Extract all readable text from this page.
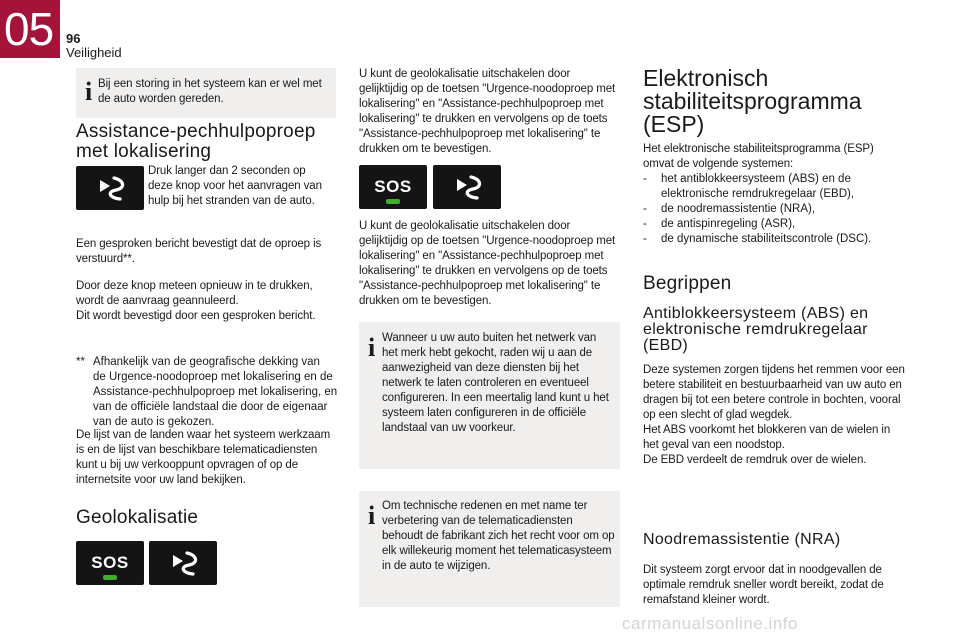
05 96
Veiligheid
i Bij een storing in het systeem kan er wel met
de auto worden gereden.
Assistance-pechhulpoproep
met lokalisering
Druk langer dan 2 seconden op
deze knop voor het aanvragen van
hulp bij het stranden van de auto.
Een gesproken bericht bevestigt dat de oproep is
verstuurd**.
Door deze knop meteen opnieuw in te drukken,
wordt de aanvraag geannuleerd.
Dit wordt bevestigd door een gesproken bericht.
** Afhankelijk van de geografische dekking van
de Urgence-noodoproep met lokalisering en de
Assistance-pechhulpoproep met lokalisering, en
van de officiële landstaal die door de eigenaar
van de auto is gekozen.
De lijst van de landen waar het systeem werkzaam
is en de lijst van beschikbare telematicadiensten
kunt u bij uw verkooppunt opvragen of op de
internetsite voor uw land bekijken.
Geolokalisatie
SOS
U kunt de geolokalisatie uitschakelen door
gelijktijdig op de toetsen "Urgence-noodoproep met
lokalisering" en "Assistance-pechhulpoproep met
lokalisering" te drukken en vervolgens op de toets
"Assistance-pechhulpoproep met lokalisering" te
drukken om te bevestigen.
SOS
U kunt de geolokalisatie uitschakelen door
gelijktijdig op de toetsen "Urgence-noodoproep met
lokalisering" en "Assistance-pechhulpoproep met
lokalisering" te drukken en vervolgens op de toets
"Assistance-pechhulpoproep met lokalisering" te
drukken om te bevestigen.
i Wanneer u uw auto buiten het netwerk van
het merk hebt gekocht, raden wij u aan de
aanwezigheid van deze diensten bij het
netwerk te laten controleren en eventueel
configureren. In een meertalig land kunt u het
systeem laten configureren in de officiële
landstaal van uw voorkeur.
i Om technische redenen en met name ter
verbetering van de telematicadiensten
behoudt de fabrikant zich het recht voor om op
elk willekeurig moment het telematicasysteem
in de auto te wijzigen.
Elektronisch
stabiliteitsprogramma
(ESP)
Het elektronische stabiliteitsprogramma (ESP)
omvat de volgende systemen:
- het antiblokkeersysteem (ABS) en de
elektronische remdrukregelaar (EBD),
- de noodremassistentie (NRA),
- de antispinregeling (ASR),
- de dynamische stabiliteitscontrole (DSC).
Begrippen
Antiblokkeersysteem (ABS) en
elektronische remdrukregelaar
(EBD)
Deze systemen zorgen tijdens het remmen voor een
betere stabiliteit en bestuurbaarheid van uw auto en
dragen bij tot een betere controle in bochten, vooral
op een slecht of glad wegdek.
Het ABS voorkomt het blokkeren van de wielen in
het geval van een noodstop.
De EBD verdeelt de remdruk over de wielen.
Noodremassistentie (NRA)
Dit systeem zorgt ervoor dat in noodgevallen de
optimale remdruk sneller wordt bereikt, zodat de
remafstand kleiner wordt.
carmanualsonline.info
